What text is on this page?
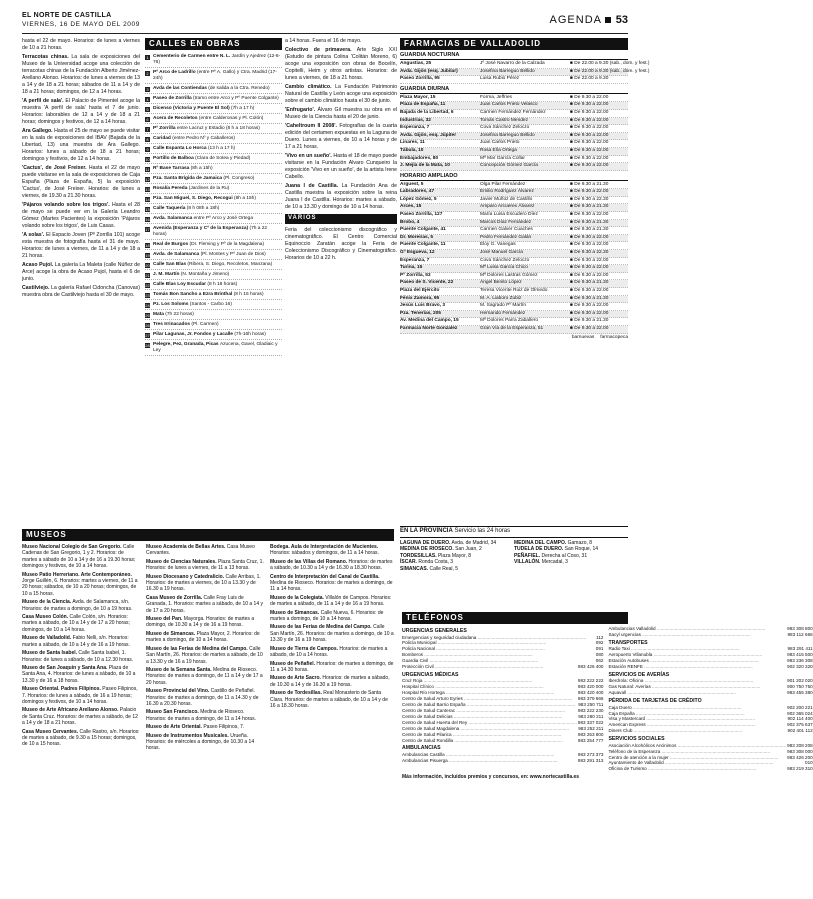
EL NORTE DE CASTILLA
VIERNES, 16 DE MAYO DEL 2009	AGENDA 53

hasta el 22 de mayo. Horarios: de lunes a viernes de 10 a 21 horas.

Terracotas chinas. La sala de exposiciones del Museo de la Universidad acoge una colección de terracotas chinas de la Fundación Alberto Jiménez-Arellano Alonso. Horarios: de lunes a viernes de 13 a 14 y de 18 a 21 horas; sábados de 11 a 14 y de 18 a 21 horas; domingos, de 12 a 14 horas.

'A perfil de sala'. El Palacio de Pimentel acoge la muestra 'A perfil de sala' hasta el 7 de junio. Horarios: laborables de 12 a 14 y de 18 a 21 horas; domingos y festivos, de 12 a 14 horas.

Ara Gallego. Hasta el 25 de mayo se puede visitar en la sala de exposiciones del IBAV (Bajada de la Libertad, 13) una muestra de Ara Gallego. Horarios: lunes a sábado de 18 a 21 horas; domingos y festivos, de 12 a 14 horas.

'Cactus', de José Freixer. Hasta el 22 de mayo puede visitarse en la sala de exposiciones de Caja España (Plaza de España, 5) la exposición 'Cactus', de José Freixer. Horarios: de lunes a viernes, de 19.30 a 21.30 horas.

'Pájaros volando sobre los trigos'. Hasta el 28 de mayo se puede ver en la Galería Leandro Gómez (Martes Pacientes) la exposición 'Pájaros volando sobre los trigos', de Luis Casas.

'A solas'. El Espacio Joven (Pº Zorrilla 101) acoge esta muestra de fotografía hasta el 31 de mayo. Horarios: de lunes a viernes, de 11 a 14 y de 18 a 21 horas.

Acaso Pujol. La galería La Maleta (calle Núñez de Arce) acoge la obra de Acaso Pujol, hasta el 6 de junio.

Castilviejo. La galería Rafael Cidoncha (Canovas) muestra obra de Castilviejo hasta el 30 de mayo.

CALLES EN OBRAS
1 Cementerio de Carmen entre N. L. Jardín y Ajedrez (12-6-76)
2 Pº Arco de Ladrillo (entre Pº A. Gallo) y Ctra. Madrid (17-24h)
3 Avda de las Contiendas (de salida a la Ctra. Renedo)
4 Paseo de Zorrilla (tramo entre Arco y Pº Puente Colgante)
5 Dicenso (Victoria y Puente El Sol) (7h a 17 h)
6 Acera de Recoletos (entre Calderonas y Pl. Colón)
7 Pº Zorrilla entre Lacruz y Estadio (8 h a 18 horas)
8 Caridad (entre Pedro Nº y Caballeros)
9 Calle Espanta Lo Horca (13 h a 17 h)
10 Portillo de Balboa (Clara de Sotea y Piedad)
11 Rº Base Tarrasa (8h a 15h)
12 Pza. Santa Brígida de Jamaica (Pl. Congreso)
13 Rosalía Pereda (Jardines de la Ru)
14 Pza. San Miguel, S. Diego, Recogui (8h a 15h)
15 Calle Taquería (8 h 08h a 18h)
16 Avda. Salamanca entre Pº Arco y José Ortega
17 Avenida (Esperanza y Cº de la Esperanza) (7h a 22 horas)
18 Real de Burgos (Dr. Fleming y Pº de la Magdalena)
19 Avda. de Salamanca (Pl. Montes y Pº Juan de Dios)
20 Calle San Blas (Ribera, S. Diego, Recoletos, Manzana)
21 J. M. Martín (N. Montaña y Jimeno)
22 Calle Blas Loy Escudar (8 h 18 horas)
23 Tomás Bon Sancho a Ezra Brinthal (8 h 15 horas)
24 Pz. Los Soloms (Santos - Carbo 16)
25 Mata (7h 22 horas)
26 Tres Irrinacados (Pl. Carmen)
27 Pilar Lagunas, Jr. Fondos y Lacalle (7h-16h horas)
28 Pelegre, Pez, Granada, Picas Azucena, Gavel, Gladiaic y Ley

a 14 horas. Fuera el 16 de mayo.

Colectivo de primavera. Arte Siglo XXI (Estudio de pintura Colina 'Colitán Moreno, 6) acoge una exposición con obras de Bocelín, Copitelli, Heim y otros artistas. Horarios: de lunes a viernes, de 18 a 21 horas.

Cambio climático. La Fundación Patrimonio Natural de Castilla y León acoge una exposición sobre el cambio climático hasta el 30 de junio.

'Enfrugario'. Álvaro Gil muestra su obra en el Museo de la Ciencia hasta el 20 de junio.

'Caheltroum II 2008'. Fotografías de la cuarta edición del certamen expuestas en la Laguna de Duero. Lunes a viernes, de 10 a 14 horas y de 17 a 21 horas.

'Vivo en un sueño'. Hasta el 18 de mayo puede visitarse en la Fundación Alvaro Cunqueiro la exposición 'Vivo en un sueño', de la artista Irene Cabello.

Juana I de Castilla. La Fundación Ana de Castilla muestra la exposición sobre la reina Juana I de Castilla. Horarios: martes a sábado, de 10 a 13.30 y domingo de 10 a 14 horas.

VARIOS

Feria del coleccionismo discográfico y cinematográfico. El Centro Comercial Equinoccio Zaratán acoge la Feria de Coleccionismo Discográfico y Cinematográfico. Horarios de 10 a 22 h.

FARMACIAS DE VALLADOLID
GUARDIA NOCTURNA
Angustias, 25	Jº José Navarro de la Calzada	■ De 22.00 a 9.30 (sab., dom. y fest.)
Avda. Gijón (esq. Jubilar)	Josefina Barreguo Bellido	■ De 22.00 a 9.30 (sab., dom. y fest.)
Paseo Zorrilla, 95	Luisa Rubio Pérez	■ De 22.00 a 9.30
GUARDIA DIURNA
Plaza Mayor, 15	Forma, Jeffries	■ De 9.30 a 22.00
Plaza de España, 11	Juan Carlos Prieto Velasco	■ De 9.30 a 22.00
Bajada de la Libertad, 6	Carmen Fernández Fernández	■ De 9.30 a 22.00
Industrias, 32	Tomás Castro Mendez	■ De 9.30 a 22.00
Esperanza, 7	Cova Sánchez Zeloczo	■ De 9.30 a 22.00
Avda. Gijón, esq. Júpiter	Josefina Barreguo Bellido	■ De 9.30 a 22.00
Linares, 11	Juan Carlos Prieto	■ De 9.30 a 22.00
Tábula, 10	Rosa Elía Ortega	■ De 9.30 a 22.00
Embajadores, 80	Mª Mar García Collar	■ De 9.30 a 22.00
J. Mejía de la Mata, 10	Concepción Gómez García	■ De 9.30 a 22.00
HORARIO AMPLIADO
Arguest, 5	Olga Pilar Fernández	■ De 9.30 a 21.30
Labradores, 47	Emilio Rodríguez Álvarez	■ De 9.30 a 22.00
López Gómez, 5	Javier Muñoz de Castillo	■ De 9.30 a 22.30
Arces, 15	Amparo Arcuerex Álvarez	■ De 9.30 a 21.30
Paseo Zorrilla, 127	María Luisa Escudero Díez	■ De 9.30 a 22.00
Brobo, 4	Marcos Díaz Fernández	■ De 9.30 a 21.30
Puente Colgante, 41	Carmen Galver Cuaches	■ De 9.30 a 21.30
Dr. Moreiras, 5	Pedro Fernández Galán	■ De 9.30 a 22.00
Puente Colgante, 11	Eloy G. Vanegas	■ De 9.30 a 22.00
Gº Esgueva, 12	José Manuel García	■ De 9.30 a 22.30
Esperanza, 7	Cova Sánchez Zeloczo	■ De 9.30 a 22.00
Turina, 15	Mª Luisa García Chico	■ De 9.30 a 22.00
Pº Zorrilla, 53	Mª Dolores Lastras Gómez	■ De 9.30 a 22.00
Paseo de S. Vicente, 22	Ángel Benito López	■ De 9.30 a 21.30
Plaza del Ejército	Teresa Vicente Ruiz de Olmedo	■ De 9.30 a 22.00
Fénix Zamora, 95	M. A. Liaboro Zubiz	■ De 9.30 a 21.30
Jesús Luis Bravo, 3	M. Sagrado Pº Martín	■ De 9.30 a 22.00
Pza. Tenerías, 205	Hernando Fernández	■ De 9.30 a 22.00
Av. Medina del Campo, 15	Mª Dolores Parra Zaballero	■ De 9.30 a 21.30
Farmacia Norte Gonzalez	Gran Vía de la Esperanza, 51	■ De 9.30 a 22.00
barnuevas farmacopeca
EN LA PROVINCIA Servicio las 24 horas
LAGUNA DE DUERO. Avda. de Madrid, 34	MEDINA DEL CAMPO. Gamazo, 8
MEDINA DE RIOSECO. San Juan, 2	TUDELA DE DUERO. San Roque, 14
TORDESILLAS. Plaza Mayor, 8	PEÑAFIEL. Derecha al Coso, 31
ÍSCAR. Ronda Costa, 3	VILLALÓN. Mercadal, 3
SIMANCAS. Calle Real, 5
TELÉFONOS
URGENCIAS GENERALES
Emergencias y seguridad ciudadana .....	112
Policía Municipal .....	092
Policía Nacional .....	091
Bomberos .....	080
Guardia Civil .....	062
Protección Civil .....	983 426 400
URGENCIAS MÉDICAS
Cruz Roja .....	983 222 222
Hospital Clínico .....	983 420 000
Hospital Río Hortega .....	983 420 400
Centro de Salud Arturo Eyries .....	983 379 666
Centro de Salud Barrio España .....	983 250 711
Centro de Salud Canterac .....	983 222 230
Centro de Salud Delicias .....	983 280 211
Centro de Salud Huerta del Rey .....	983 337 022
Centro de Salud Magdalena .....	983 252 211
Centro de Salud Pilarica .....	983 253 800
Centro de Salud Rondilla .....	983 254 777
AMBULANCIAS
Ambulancias Castilla .....	983 273 373
Ambulancias Pisuerga .....	983 291 313
Ambulancias Valladolid .....	983 308 800
Sacyl urgencias .....	983 112 666
TRANSPORTES
Radio Taxi .....	983 291 411
Aeropuerto Villanubla .....	983 415 500
Estación Autobuses .....	983 236 308
Estación RENFE .....	902 320 320
SERVICIOS DE AVERÍAS
Iberdrola: Oficina .....	901 202 020
Gas Natural: Averías .....	900 750 750
Aquavall .....	983 455 380
PÉRDIDA DE TARJETAS DE CRÉDITO
Caja Duero .....	902 200 221
Caja España .....	902 365 024
Visa y Mastercard .....	902 114 400
American Express .....	902 375 637
Diners Club .....	902 401 112
SERVICIOS SOCIALES
Asociación Alcohólicos Anónimos .....	983 208 208
Teléfono de la Esperanza .....	983 308 000
Centro de atención a la mujer .....	983 426 200
Ayuntamiento de Valladolid .....	010
Oficina de Turismo .....	983 219 310
Más información, incluidos premios y concursos, en: www.nortecastilla.es
MUSEOS

Museo Nacional Colegio de San Gregorio. Calle Cadenas de San Gregorio, 1 y 2. Horarios: de martes a sábado de 10 a 14 y de 16 a 19.30 horas; domingos y festivos, de 10 a 14 horas.

Museo Patio Herreriano. Arte Contemporáneo. Jorge Guillén, 6. Horarios: martes a viernes, de 11 a 20 horas; sábados, de 10 a 20 horas; domingos, de 10 a 15 horas.

Museo de la Ciencia. Avda. de Salamanca, s/n. Horarios: de martes a domingo, de 10 a 19 horas.

Casa Museo Colón. Calle Colón, s/n. Horarios: martes a sábado, de 10 a 14 y de 17 a 20 horas; domingos, de 10 a 14 horas.

Museo de Valladolid. Fabio Nelli, s/n. Horarios: martes a sábado, de 10 a 14 y de 16 a 19 horas.

Museo de Santa Isabel. Calle Santa Isabel, 1. Horarios: de lunes a sábado, de 10 a 12.30 horas.

Museo de San Joaquín y Santa Ana. Plaza de Santa Ana, 4. Horarios: de lunes a sábado, de 10 a 13.30 y de 16 a 18 horas.

Museo Oriental. Padres Filipinos. Paseo Filipinos, 7. Horarios: de lunes a sábado, de 16 a 19 horas; domingos y festivos, de 10 a 14 horas.

Museo de Arte Africano Arellano Alonso. Palacio de Santa Cruz. Horarios: de martes a sábado, de 12 a 14 y de 18 a 21 horas.

Casa Museo Cervantes. Calle Rastro, s/n. Horarios: de martes a sábado, de 9.30 a 15 horas; domingos, de 10 a 15 horas.

Museo Academia de Bellas Artes. Casa Museo Cervantes.

Museo de Ciencias Naturales. Plaza Santa Cruz, 1. Horarios: de lunes a viernes, de 11 a 13 horas.

Museo Diocesano y Catedralicio. Calle Arribas, 1. Horarios: de martes a viernes, de 10 a 13.30 y de 16.30 a 19 horas.

Casa Museo de Zorrilla. Calle Fray Luis de Granada, 1. Horarios: martes a sábado, de 10 a 14 y de 17 a 20 horas.

Museo del Pan. Mayorga. Horarios: de martes a domingo, de 10.30 a 14 y de 16 a 19 horas.

Museo de Simancas. Plaza Mayor, 2. Horarios: de martes a domingo, de 10 a 14 horas.

Museo de las Ferias de Medina del Campo. Calle San Martín, 26. Horarios: de martes a sábado, de 10 a 13.30 y de 16 a 19 horas.

Museo de la Semana Santa. Medina de Rioseco. Horarios: de martes a domingo, de 11 a 14 y de 17 a 20 horas.

Museo Provincial del Vino. Castillo de Peñafiel. Horarios: de martes a domingo, de 11 a 14.30 y de 16.30 a 20.30 horas.

Museo San Francisco. Medina de Rioseco. Horarios: de martes a domingo, de 11 a 14 horas.

Museo de Arte Oriental. Paseo Filipinos, 7.

Museo de Instrumentos Musicales. Urueña. Horarios: de miércoles a domingo, de 10.30 a 14 horas.

Bodega. Aula de Interpretación de Mucientes. Horarios: sábados y domingos, de 11 a 14 horas.

Museo de las Villas del Romano. Horarios: de martes a sábado, de 10.30 a 14 y de 16.30 a 18.30 horas.

Centro de Interpretación del Canal de Castilla. Medina de Rioseco. Horarios: de martes a domingo, de 11 a 14 horas.

Museo de la Colegiata. Villalón de Campos. Horarios: de martes a sábado, de 11 a 14 y de 16 a 19 horas.

Museo de Simancas. Calle Nueva, 6. Horarios: de martes a domingo, de 10 a 14 horas.

Museo de las Ferias de Medina del Campo. Calle San Martín, 26. Horarios: de martes a domingo, de 10 a 13.30 y de 16 a 19 horas.

Museo de Tierra de Campos. Horarios: de martes a sábado, de 10 a 14 horas.

Museo de Peñafiel. Horarios: de martes a domingo, de 11 a 14.30 horas.

Museo de Arte Sacro. Horarios: de martes a sábado, de 10.30 a 14 y de 16.30 a 19 horas.

Museo de Tordesillas. Real Monasterio de Santa Clara. Horarios: de martes a sábado, de 10 a 14 y de 16 a 18.30 horas.
